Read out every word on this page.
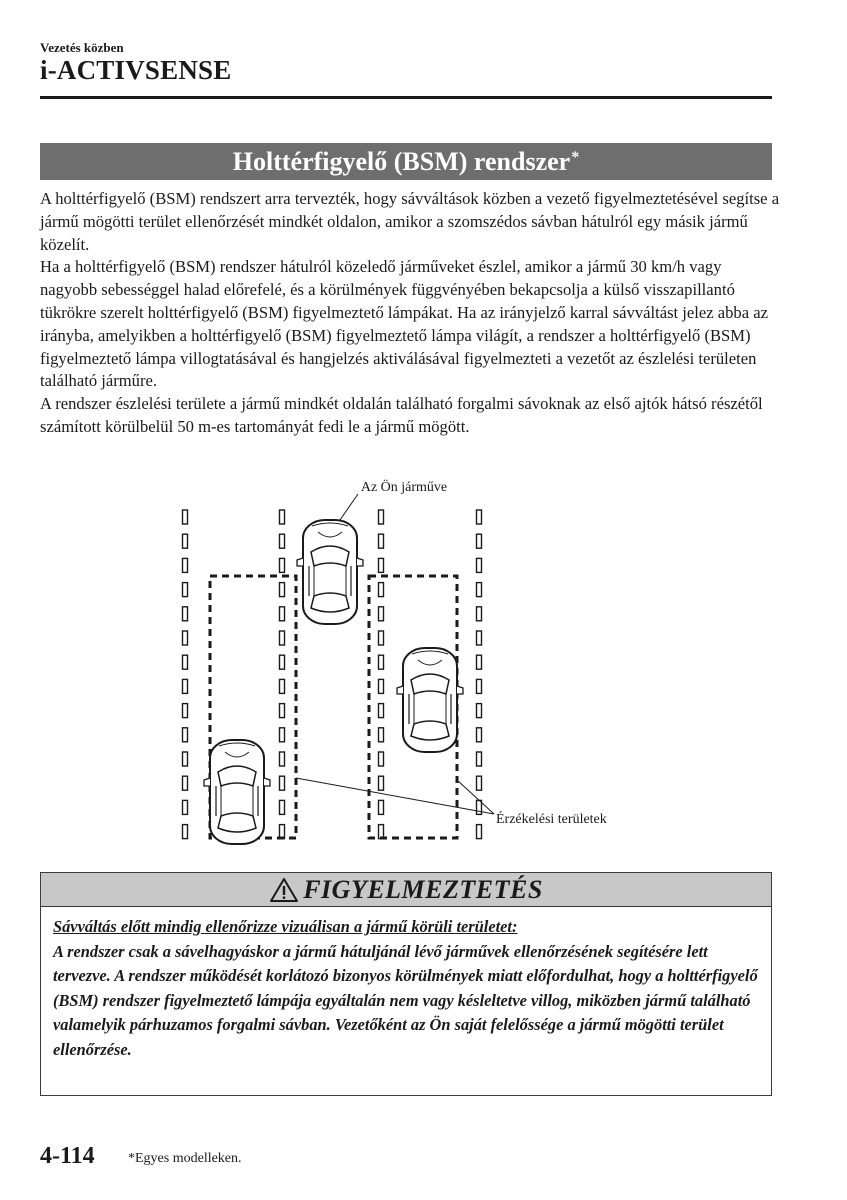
Vezetés közben
i-ACTIVSENSE
Holttérfigyelő (BSM) rendszer*

A holttérfigyelő (BSM) rendszert arra tervezték, hogy sávváltások közben a vezető figyelmeztetésével segítse a jármű mögötti terület ellenőrzését mindkét oldalon, amikor a szomszédos sávban hátulról egy másik jármű közelít.

Ha a holttérfigyelő (BSM) rendszer hátulról közeledő járműveket észlel, amikor a jármű 30 km/h vagy nagyobb sebességgel halad előrefelé, és a körülmények függvényében bekapcsolja a külső visszapillantó tükrökre szerelt holttérfigyelő (BSM) figyelmeztető lámpákat. Ha az irányjelző karral sávváltást jelez abba az irányba, amelyikben a holttérfigyelő (BSM) figyelmeztető lámpa világít, a rendszer a holttérfigyelő (BSM) figyelmeztető lámpa villogtatásával és hangjelzés aktiválásával figyelmezteti a vezetőt az észlelési területen található járműre.

A rendszer észlelési területe a jármű mindkét oldalán található forgalmi sávoknak az első ajtók hátsó részétől számított körülbelül 50 m-es tartományát fedi le a jármű mögött.

Az Ön járműve
Érzékelési területek
FIGYELMEZTETÉS

Sávváltás előtt mindig ellenőrizze vizuálisan a jármű körüli területet:

A rendszer csak a sávelhagyáskor a jármű hátuljánál lévő járművek ellenőrzésének segítésére lett tervezve. A rendszer működését korlátozó bizonyos körülmények miatt előfordulhat, hogy a holttérfigyelő (BSM) rendszer figyelmeztető lámpája egyáltalán nem vagy késleltetve villog, miközben jármű található valamelyik párhuzamos forgalmi sávban. Vezetőként az Ön saját felelőssége a jármű mögötti terület ellenőrzése.

4-114 *Egyes modelleken.
